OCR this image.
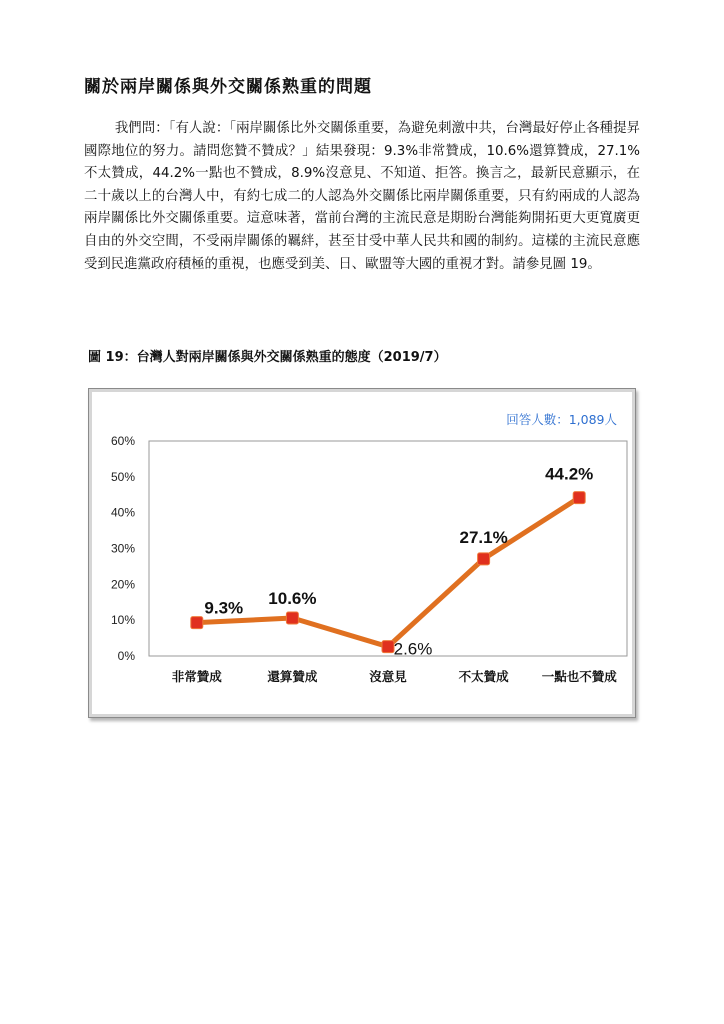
關於兩岸關係與外交關係熟重的問題
我們問：「有人說：「兩岸關係比外交關係重要，為避免刺激中共，台灣最好停止各種提昇國際地位的努力。請問您贊不贊成？」結果發現：9.3%非常贊成，10.6%還算贊成，27.1%不太贊成，44.2%一點也不贊成，8.9%沒意見、不知道、拒答。換言之，最新民意顯示，在二十歲以上的台灣人中，有約七成二的人認為外交關係比兩岸關係重要，只有約兩成的人認為兩岸關係比外交關係重要。這意味著，當前台灣的主流民意是期盼台灣能夠開拓更大更寬廣更自由的外交空間，不受兩岸關係的羈絆，甚至甘受中華人民共和國的制約。這樣的主流民意應受到民進黨政府積極的重視，也應受到美、日、歐盟等大國的重視才對。請參見圖 19。
圖 19：台灣人對兩岸關係與外交關係熟重的態度（2019/7）
0%
10%
20%
30%
40%
50%
60%
非常贊成	還算贊成	沒意見	不太贊成	一點也不贊成
9.3%
10.6%
2.6%
27.1%
44.2%
回答人數：1,089人
